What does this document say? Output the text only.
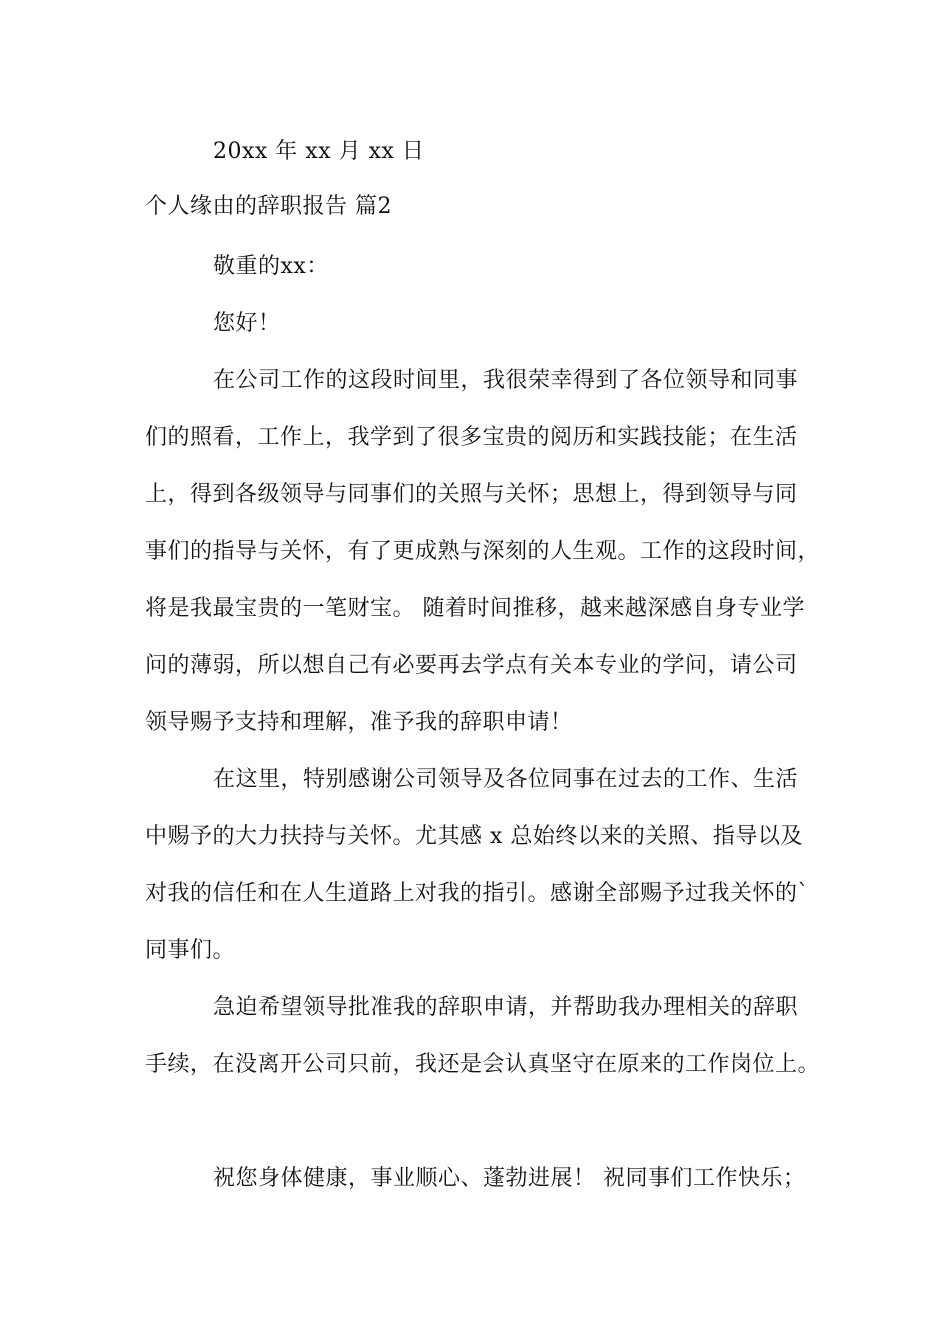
20xx 年 xx 月 xx 日
个人缘由的辞职报告 篇2
敬重的xx：
您好！
在公司工作的这段时间里，我很荣幸得到了各位领导和同事
们的照看，工作上，我学到了很多宝贵的阅历和实践技能；在生活
上，得到各级领导与同事们的关照与关怀；思想上，得到领导与同
事们的指导与关怀，有了更成熟与深刻的人生观。工作的这段时间，
将是我最宝贵的一笔财宝。 随着时间推移，越来越深感自身专业学
问的薄弱，所以想自己有必要再去学点有关本专业的学问，请公司
领导赐予支持和理解，准予我的辞职申请！
在这里，特别感谢公司领导及各位同事在过去的工作、生活
中赐予的大力扶持与关怀。尤其感 x 总始终以来的关照、指导以及
对我的信任和在人生道路上对我的指引。感谢全部赐予过我关怀的`
同事们。
急迫希望领导批准我的辞职申请，并帮助我办理相关的辞职
手续，在没离开公司只前，我还是会认真坚守在原来的工作岗位上。
祝您身体健康，事业顺心、蓬勃进展！ 祝同事们工作快乐；
